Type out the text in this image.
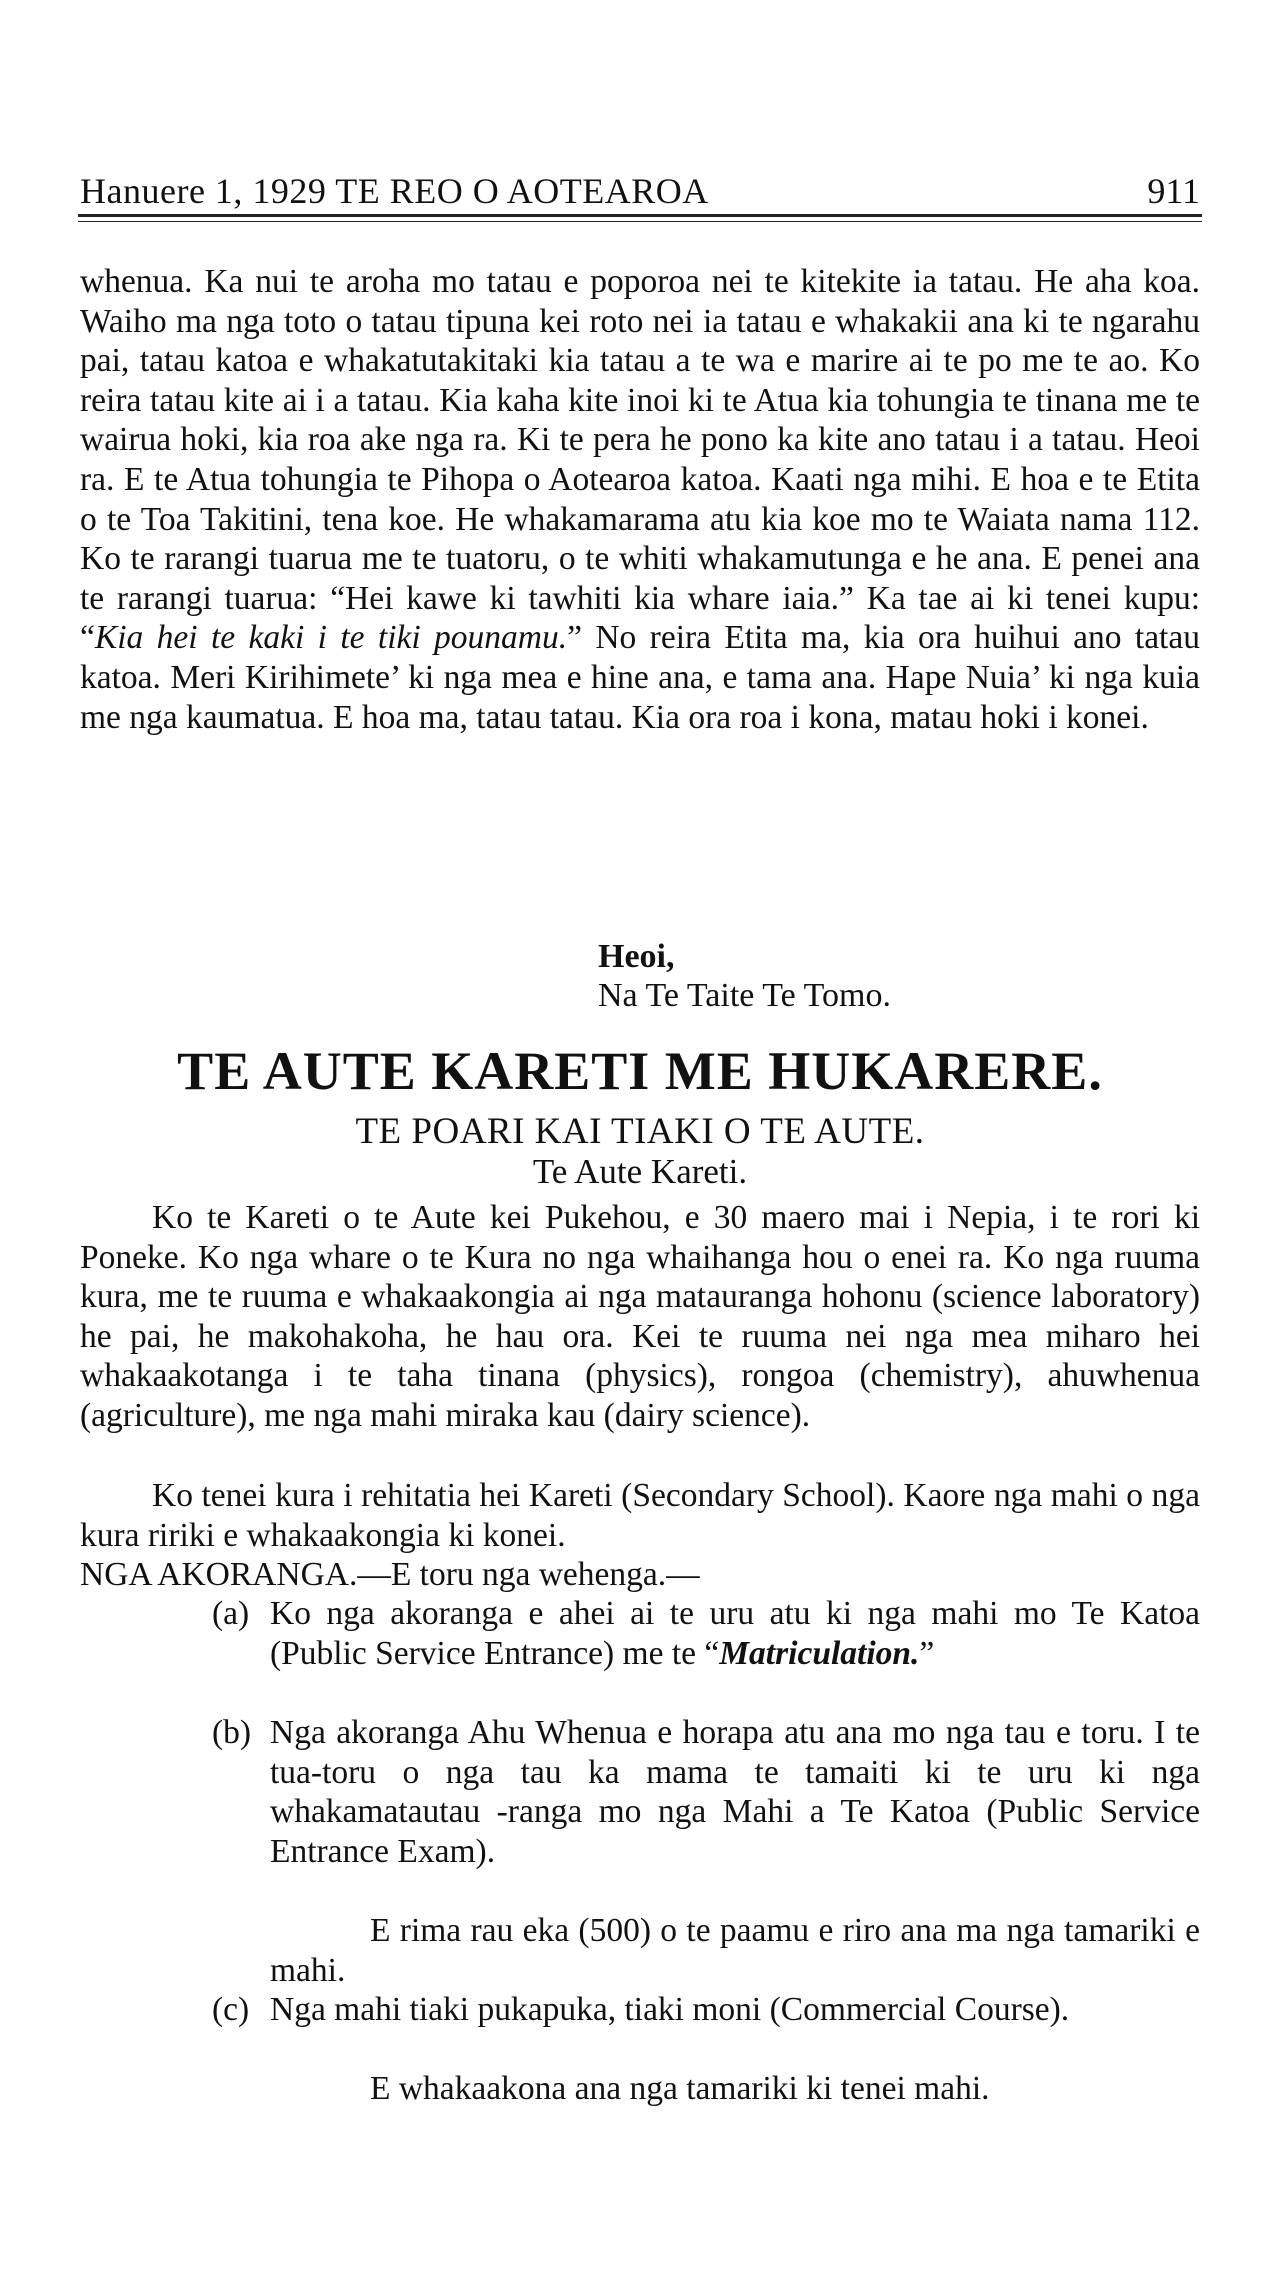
Hanuere 1, 1929 TE REO O AOTEAROA	911
whenua. Ka nui te aroha mo tatau e poporoa nei te kitekite ia tatau. He aha koa. Waiho ma nga toto o tatau tipuna kei roto nei ia tatau e whakakii ana ki te ngarahu pai, tatau katoa e whakatutakitaki kia tatau a te wa e marire ai te po me te ao. Ko reira tatau kite ai i a tatau. Kia kaha kite inoi ki te Atua kia tohungia te tinana me te wairua hoki, kia roa ake nga ra. Ki te pera he pono ka kite ano tatau i a tatau. Heoi ra. E te Atua tohungia te Pihopa o Aotearoa katoa. Kaati nga mihi. E hoa e te Etita o te Toa Takitini, tena koe. He whakamarama atu kia koe mo te Waiata nama 112. Ko te rarangi tuarua me te tuatoru, o te whiti whakamutunga e he ana. E penei ana te rarangi tuarua: “Hei kawe ki tawhiti kia whare iaia.” Ka tae ai ki tenei kupu: “Kia hei te kaki i te tiki pounamu.” No reira Etita ma, kia ora huihui ano tatau katoa. Meri Kirihimete’ ki nga mea e hine ana, e tama ana. Hape Nuia’ ki nga kuia me nga kaumatua. E hoa ma, tatau tatau. Kia ora roa i kona, matau hoki i konei.
Heoi,
Na Te Taite Te Tomo.
TE AUTE KARETI ME HUKARERE.
TE POARI KAI TIAKI O TE AUTE.
Te Aute Kareti.
Ko te Kareti o te Aute kei Pukehou, e 30 maero mai i Nepia, i te rori ki Poneke. Ko nga whare o te Kura no nga whaihanga hou o enei ra. Ko nga ruuma kura, me te ruuma e whakaakongia ai nga matauranga hohonu (science laboratory) he pai, he makohakoha, he hau ora. Kei te ruuma nei nga mea miharo hei whakaakotanga i te taha tinana (physics), rongoa (chemistry), ahuwhenua (agriculture), me nga mahi miraka kau (dairy science).
Ko tenei kura i rehitatia hei Kareti (Secondary School). Kaore nga mahi o nga kura ririki e whakaakongia ki konei.
NGA AKORANGA.—E toru nga wehenga.—
(a) Ko nga akoranga e ahei ai te uru atu ki nga mahi mo Te Katoa (Public Service Entrance) me te “Matriculation.”
(b) Nga akoranga Ahu Whenua e horapa atu ana mo nga tau e toru. I te tua-toru o nga tau ka mama te tamaiti ki te uru ki nga whakamatautau -ranga mo nga Mahi a Te Katoa (Public Service Entrance Exam).
E rima rau eka (500) o te paamu e riro ana ma nga tamariki e mahi.
(c) Nga mahi tiaki pukapuka, tiaki moni (Commercial Course).
E whakaakona ana nga tamariki ki tenei mahi.
